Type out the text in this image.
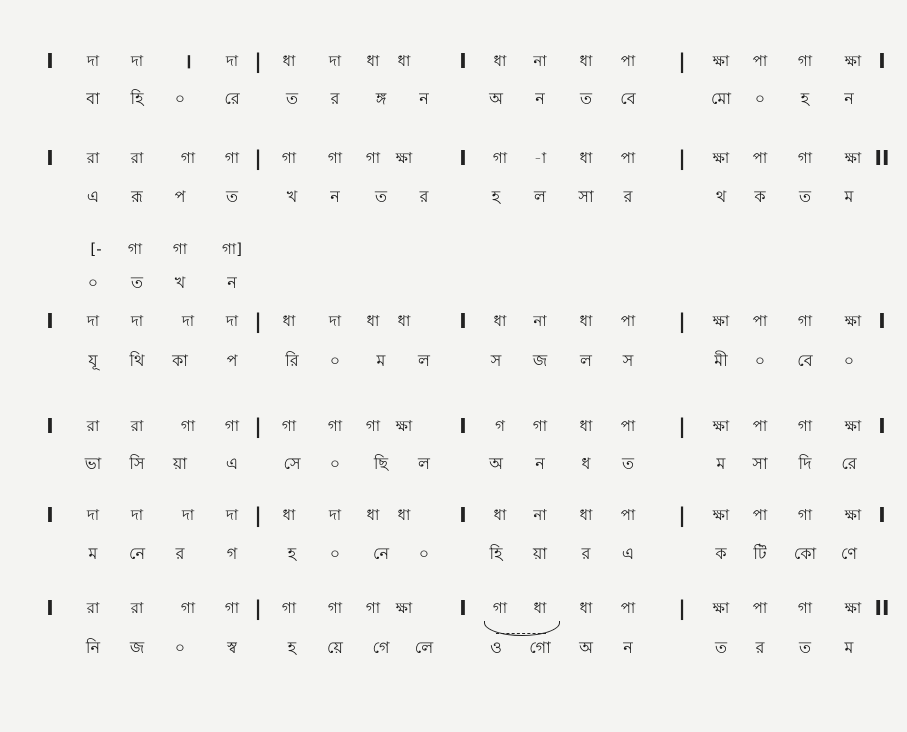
I দা দা । দা | ধা দা ধা ধা I ধা না ধা পা | ক্ষা পা গা ক্ষা I
বা হি ০ রে	ত র ঙ্গ ন	অ ন ত বে	মো ০ হ ন
I রা রা	গা গা | গা গা গা ক্ষা I গা -া ধা পা | ক্ষা পা গা ক্ষা II
এ রূ প	ত	খ ন ত র	হ ল সা র	থ ক ত ম
[- গা গা গা]
০ ত খ	ন
I দা দা	দা দা | ধা দা ধা ধা I ধা না ধা পা | ক্ষা পা গা ক্ষা I
যূ থি কা প	রি ০ ম ল	স জ ল স	মী ০ বে ০
I রা রা	গা গা | গা গা গা ক্ষা I গ গা ধা পা | ক্ষা পা গা ক্ষা I
ভা সি য়া এ	সে ০ ছি ল	অ ন ধ ত	ম সা দি রে
I দা দা	দা দা | ধা দা ধা ধা I ধা না ধা পা | ক্ষা পা গা ক্ষা I
ম নে র	গ	হ ০ নে ০	হি য়া র এ	ক টি কো ণে
I রা রা	গা গা | গা গা গা ক্ষা I গা ধা ধা পা | ক্ষা পা গা ক্ষা II
নি জ ০	স্ব	হ য়ে গে লে	ও গো অ ন	ত র ত ম
